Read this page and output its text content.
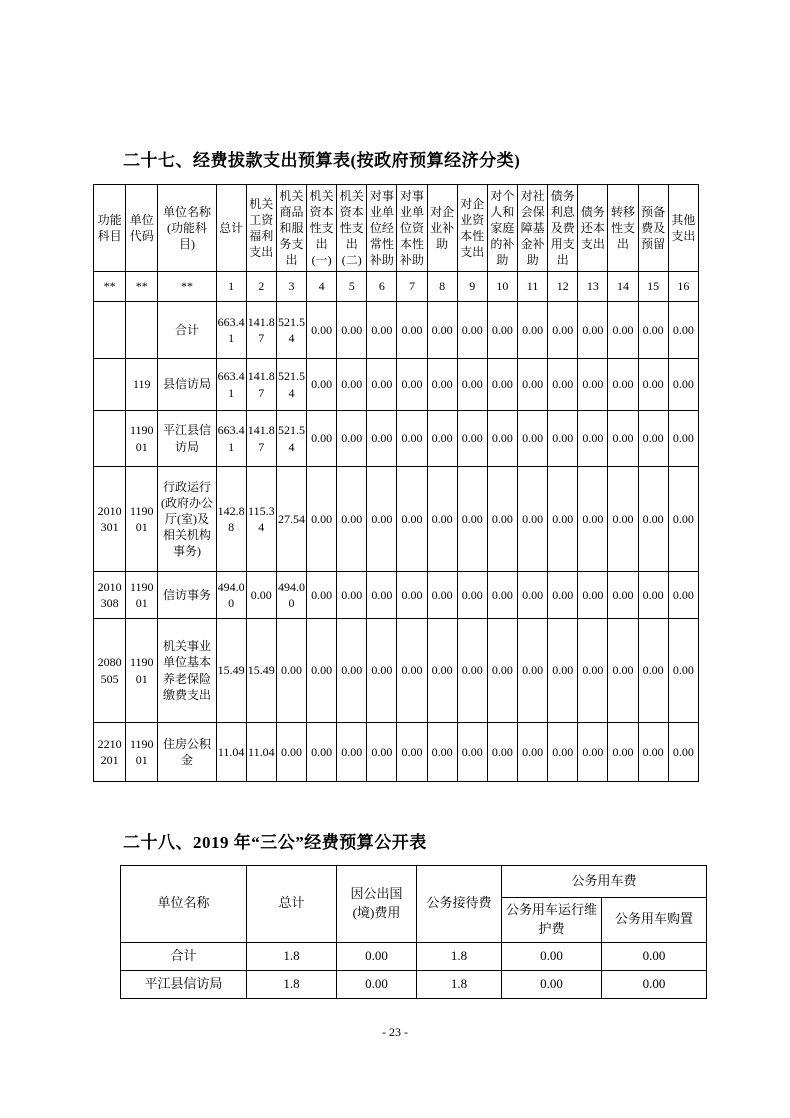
二十七、经费拔款支出预算表(按政府预算经济分类)
功能科目	单位代码	单位名称(功能科目)	总计	机关工资福利支出	机关商品和服务支出	机关资本性支出(一)	机关资本性支出(二)	对事业单位经常性补助	对事业单位资本性补助	对企业补助	对企业资本性支出	对个人和家庭的补助	对社会保障基金补助	债务利息及费用支出	债务还本支出	转移性支出	预备费及预留	其他支出
**	**	**	1	2	3	4	5	6	7	8	9	10	11	12	13	14	15	16
		合计	663.41	141.87	521.54	0.00	0.00	0.00	0.00	0.00	0.00	0.00	0.00	0.00	0.00	0.00	0.00	0.00
	119	县信访局	663.41	141.87	521.54	0.00	0.00	0.00	0.00	0.00	0.00	0.00	0.00	0.00	0.00	0.00	0.00	0.00
	119001	平江县信访局	663.41	141.87	521.54	0.00	0.00	0.00	0.00	0.00	0.00	0.00	0.00	0.00	0.00	0.00	0.00	0.00
2010301	119001	行政运行(政府办公厅(室)及相关机构事务)	142.88	115.34	27.54	0.00	0.00	0.00	0.00	0.00	0.00	0.00	0.00	0.00	0.00	0.00	0.00	0.00
2010308	119001	信访事务	494.00	0.00	494.00	0.00	0.00	0.00	0.00	0.00	0.00	0.00	0.00	0.00	0.00	0.00	0.00	0.00
2080505	119001	机关事业单位基本养老保险缴费支出	15.49	15.49	0.00	0.00	0.00	0.00	0.00	0.00	0.00	0.00	0.00	0.00	0.00	0.00	0.00	0.00
2210201	119001	住房公积金	11.04	11.04	0.00	0.00	0.00	0.00	0.00	0.00	0.00	0.00	0.00	0.00	0.00	0.00	0.00	0.00
二十八、2019 年“三公”经费预算公开表
单位名称	总计	因公出国(境)费用	公务接待费	公务用车费	
				公务用车运行维护费	公务用车购置
合计	1.8	0.00	1.8	0.00	0.00
平江县信访局	1.8	0.00	1.8	0.00	0.00
- 23 -
